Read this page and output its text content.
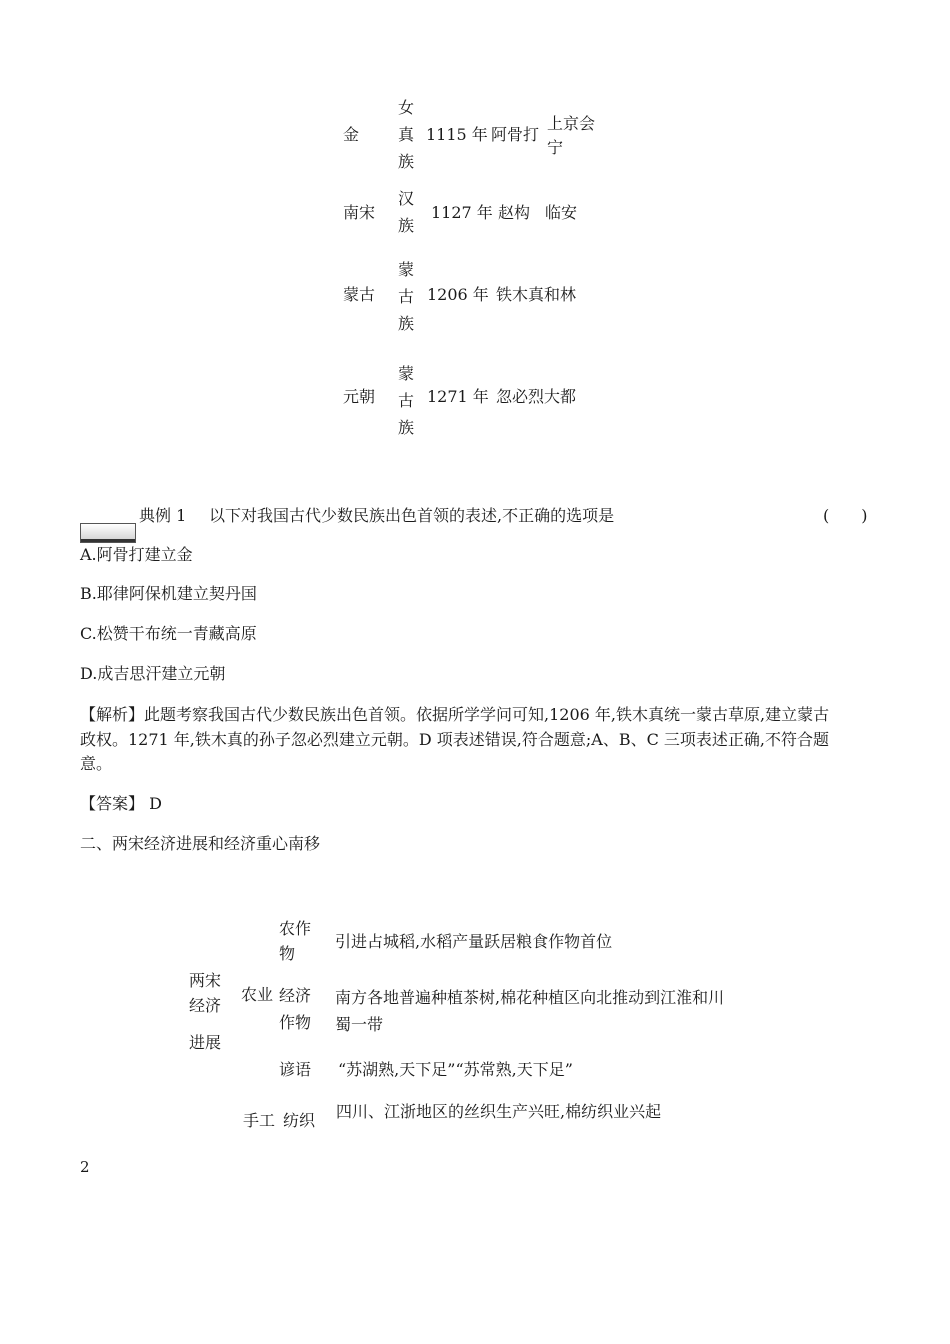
金
女
真
族
1115 年 阿骨打
上京会
宁
南宋
汉
族
1127 年 赵构 临安
蒙古
蒙
古
族
1206 年 铁木真和林
元朝
蒙
古
族
1271 年 忽必烈大都
典例 1 以下对我国古代少数民族出色首领的表述,不正确的选项是	(　　)
A.阿骨打建立金
B.耶律阿保机建立契丹国
C.松赞干布统一青藏高原
D.成吉思汗建立元朝
【解析】此题考察我国古代少数民族出色首领。依据所学学问可知,1206 年,铁木真统一蒙古草原,建立蒙古
政权。1271 年,铁木真的孙子忽必烈建立元朝。D 项表述错误,符合题意;A、B、C 三项表述正确,不符合题
意。
【答案】 D
二、两宋经济进展和经济重心南移
两宋
经济
进展
农业
农作
物
引进占城稻,水稻产量跃居粮食作物首位
经济
作物
南方各地普遍种植茶树,棉花种植区向北推动到江淮和川
蜀一带
谚语 “苏湖熟,天下足”“苏常熟,天下足”
手工 纺织 四川、江浙地区的丝织生产兴旺,棉纺织业兴起
2
